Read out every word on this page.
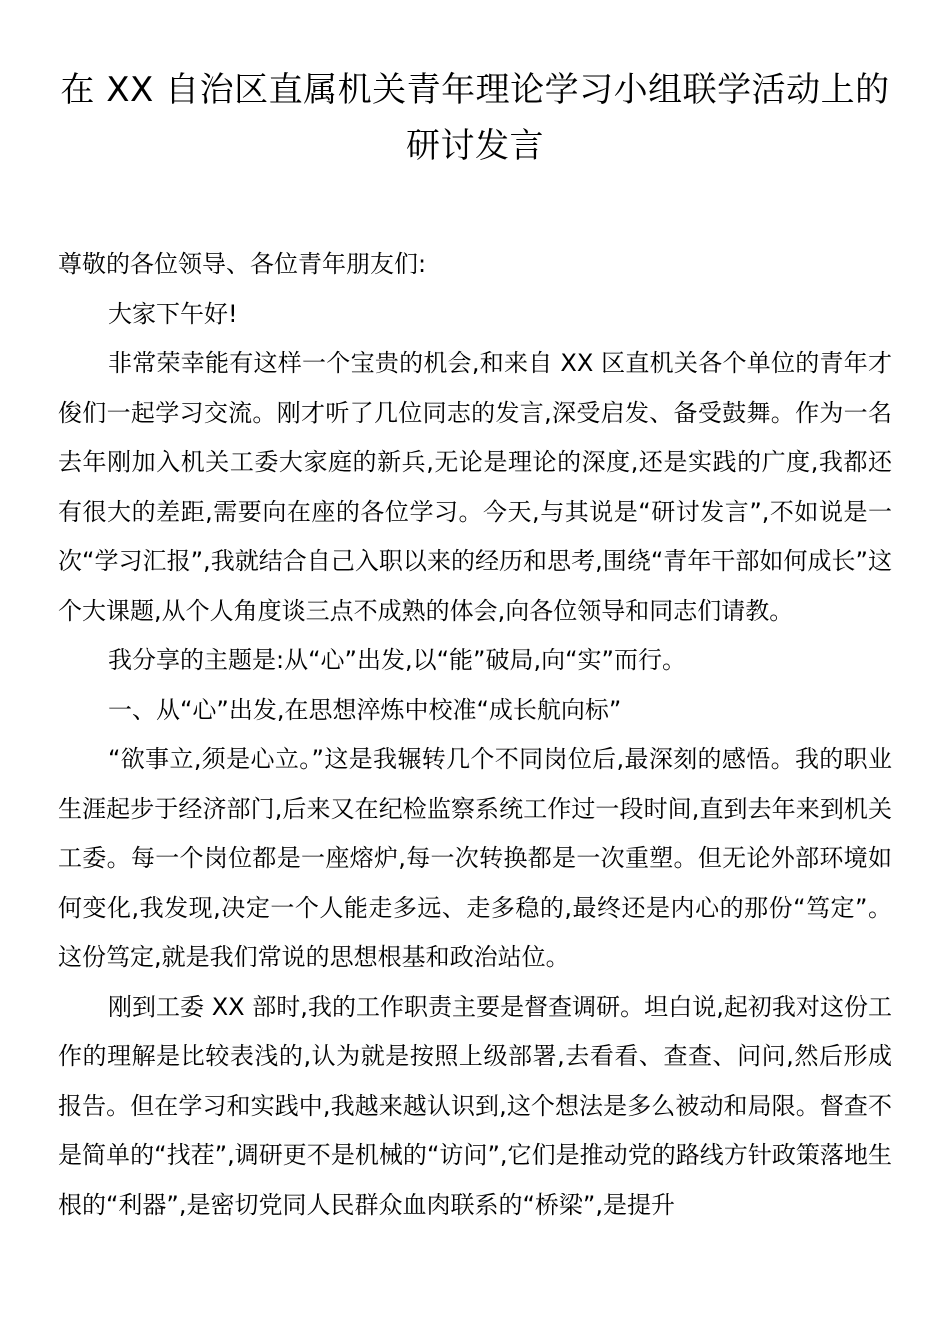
在 XX 自治区直属机关青年理论学习小组联学活动上的
研讨发言

尊敬的各位领导、各位青年朋友们:

大家下午好!

非常荣幸能有这样一个宝贵的机会,和来自 XX 区直机关各个单位的青年才俊们一起学习交流。刚才听了几位同志的发言,深受启发、备受鼓舞。作为一名去年刚加入机关工委大家庭的新兵,无论是理论的深度,还是实践的广度,我都还有很大的差距,需要向在座的各位学习。今天,与其说是“研讨发言”,不如说是一次“学习汇报”,我就结合自己入职以来的经历和思考,围绕“青年干部如何成长”这个大课题,从个人角度谈三点不成熟的体会,向各位领导和同志们请教。

我分享的主题是:从“心”出发,以“能”破局,向“实”而行。

一、从“心”出发,在思想淬炼中校准“成长航向标”

“欲事立,须是心立。”这是我辗转几个不同岗位后,最深刻的感悟。我的职业生涯起步于经济部门,后来又在纪检监察系统工作过一段时间,直到去年来到机关工委。每一个岗位都是一座熔炉,每一次转换都是一次重塑。但无论外部环境如何变化,我发现,决定一个人能走多远、走多稳的,最终还是内心的那份“笃定”。这份笃定,就是我们常说的思想根基和政治站位。

刚到工委 XX 部时,我的工作职责主要是督查调研。坦白说,起初我对这份工作的理解是比较表浅的,认为就是按照上级部署,去看看、查查、问问,然后形成报告。但在学习和实践中,我越来越认识到,这个想法是多么被动和局限。督查不是简单的“找茬”,调研更不是机械的“访问”,它们是推动党的路线方针政策落地生根的“利器”,是密切党同人民群众血肉联系的“桥梁”,是提升
